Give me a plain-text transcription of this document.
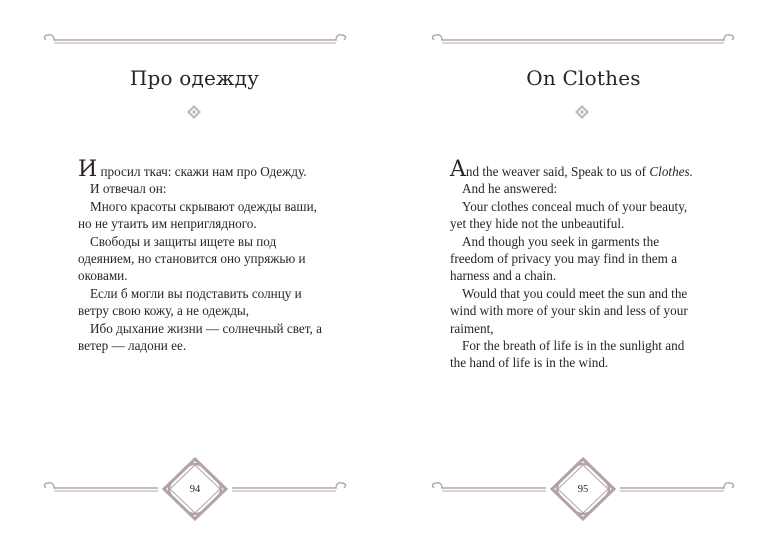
Про одежду

И просил ткач: скажи нам про Одежду.

И отвечал он:

Много красоты скрывают одежды ваши, но не утаить им неприглядного.

Свободы и защиты ищете вы под одеянием, но становится оно упряжью и оковами.

Если б могли вы подставить солнцу и ветру свою кожу, а не одежды,

Ибо дыхание жизни — солнечный свет, а ветер — ладони ее.

94
On Clothes
95

And the weaver said, Speak to us of Clothes.

And he answered:

Your clothes conceal much of your beauty, yet they hide not the unbeautiful.

And though you seek in garments the freedom of privacy you may find in them a harness and a chain.

Would that you could meet the sun and the wind with more of your skin and less of your raiment,

For the breath of life is in the sunlight and the hand of life is in the wind.
